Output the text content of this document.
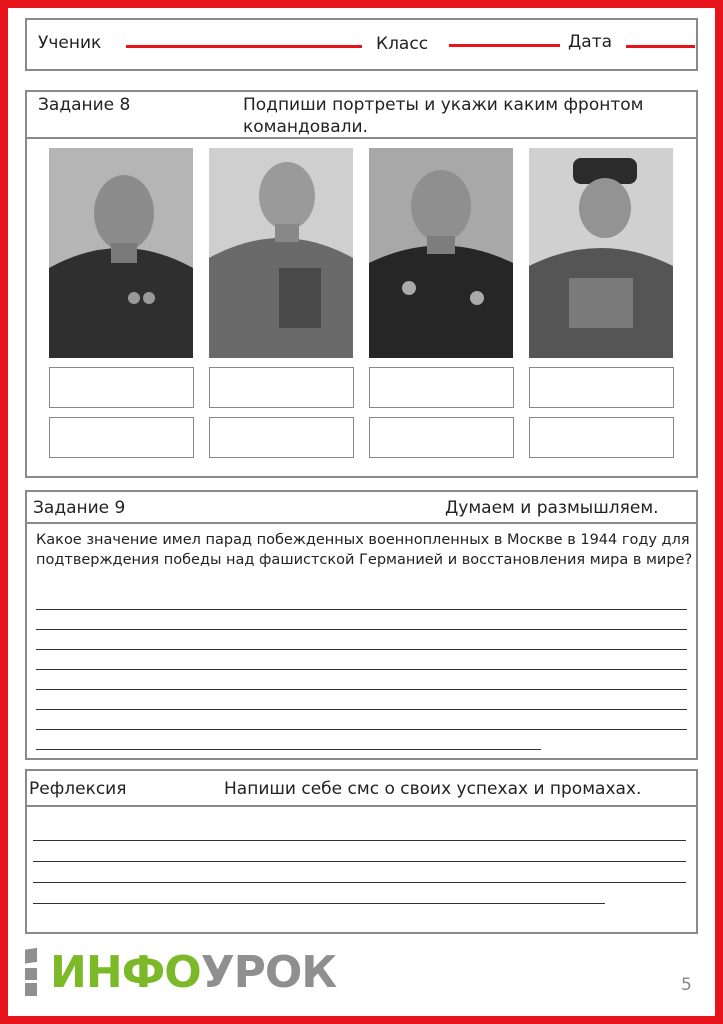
Ученик	Класс	Дата
Задание 8	Подпиши портреты и укажи каким фронтом
командовали.
Задание 9	Думаем и размышляем.
Какое значение имел парад побежденных военнопленных в Москве в 1944 году для подтверждения победы над фашистской Германией и восстановления мира в мире?
Рефлексия	Напиши себе смс о своих успехах и промахах.
ИНФО УРОК	5
